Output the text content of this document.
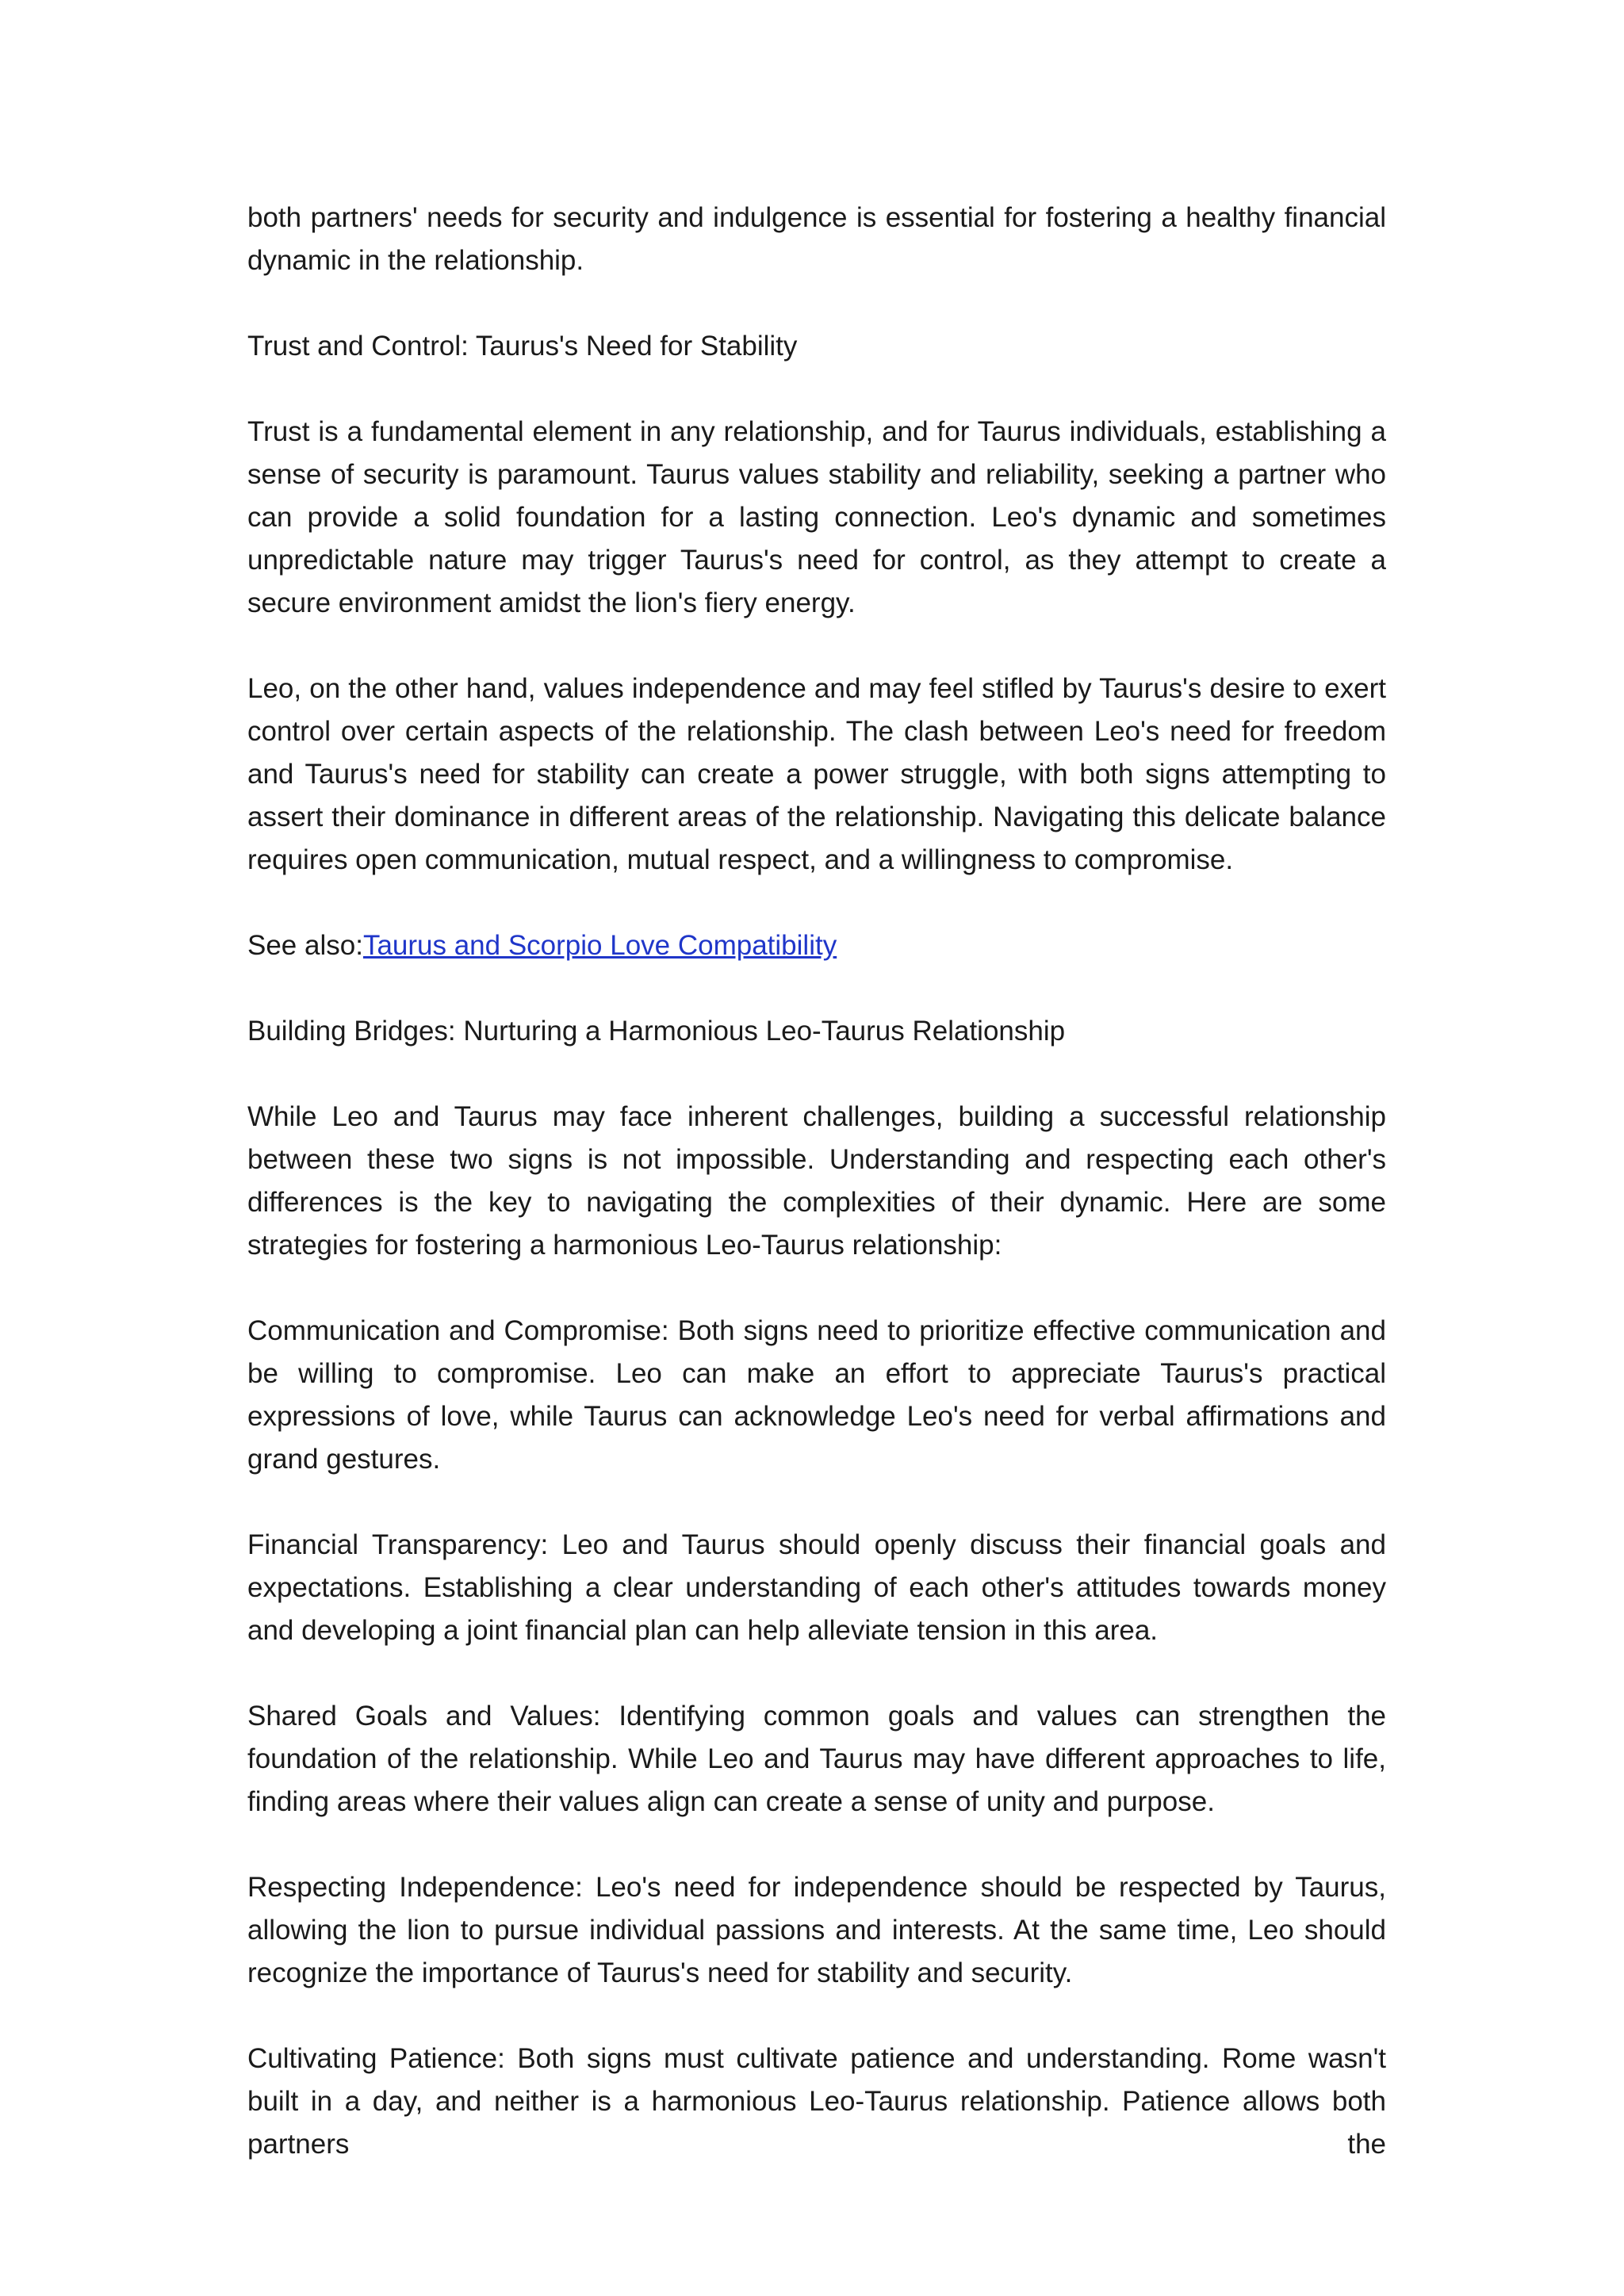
both partners' needs for security and indulgence is essential for fostering a healthy financial dynamic in the relationship.

Trust and Control: Taurus's Need for Stability

Trust is a fundamental element in any relationship, and for Taurus individuals, establishing a sense of security is paramount. Taurus values stability and reliability, seeking a partner who can provide a solid foundation for a lasting connection. Leo's dynamic and sometimes unpredictable nature may trigger Taurus's need for control, as they attempt to create a secure environment amidst the lion's fiery energy.

Leo, on the other hand, values independence and may feel stifled by Taurus's desire to exert control over certain aspects of the relationship. The clash between Leo's need for freedom and Taurus's need for stability can create a power struggle, with both signs attempting to assert their dominance in different areas of the relationship. Navigating this delicate balance requires open communication, mutual respect, and a willingness to compromise.

See also:Taurus and Scorpio Love Compatibility

Building Bridges: Nurturing a Harmonious Leo-Taurus Relationship

While Leo and Taurus may face inherent challenges, building a successful relationship between these two signs is not impossible. Understanding and respecting each other's differences is the key to navigating the complexities of their dynamic. Here are some strategies for fostering a harmonious Leo-Taurus relationship:

Communication and Compromise: Both signs need to prioritize effective communication and be willing to compromise. Leo can make an effort to appreciate Taurus's practical expressions of love, while Taurus can acknowledge Leo's need for verbal affirmations and grand gestures.

Financial Transparency: Leo and Taurus should openly discuss their financial goals and expectations. Establishing a clear understanding of each other's attitudes towards money and developing a joint financial plan can help alleviate tension in this area.

Shared Goals and Values: Identifying common goals and values can strengthen the foundation of the relationship. While Leo and Taurus may have different approaches to life, finding areas where their values align can create a sense of unity and purpose.

Respecting Independence: Leo's need for independence should be respected by Taurus, allowing the lion to pursue individual passions and interests. At the same time, Leo should recognize the importance of Taurus's need for stability and security.

Cultivating Patience: Both signs must cultivate patience and understanding. Rome wasn't built in a day, and neither is a harmonious Leo-Taurus relationship. Patience allows both partners the
